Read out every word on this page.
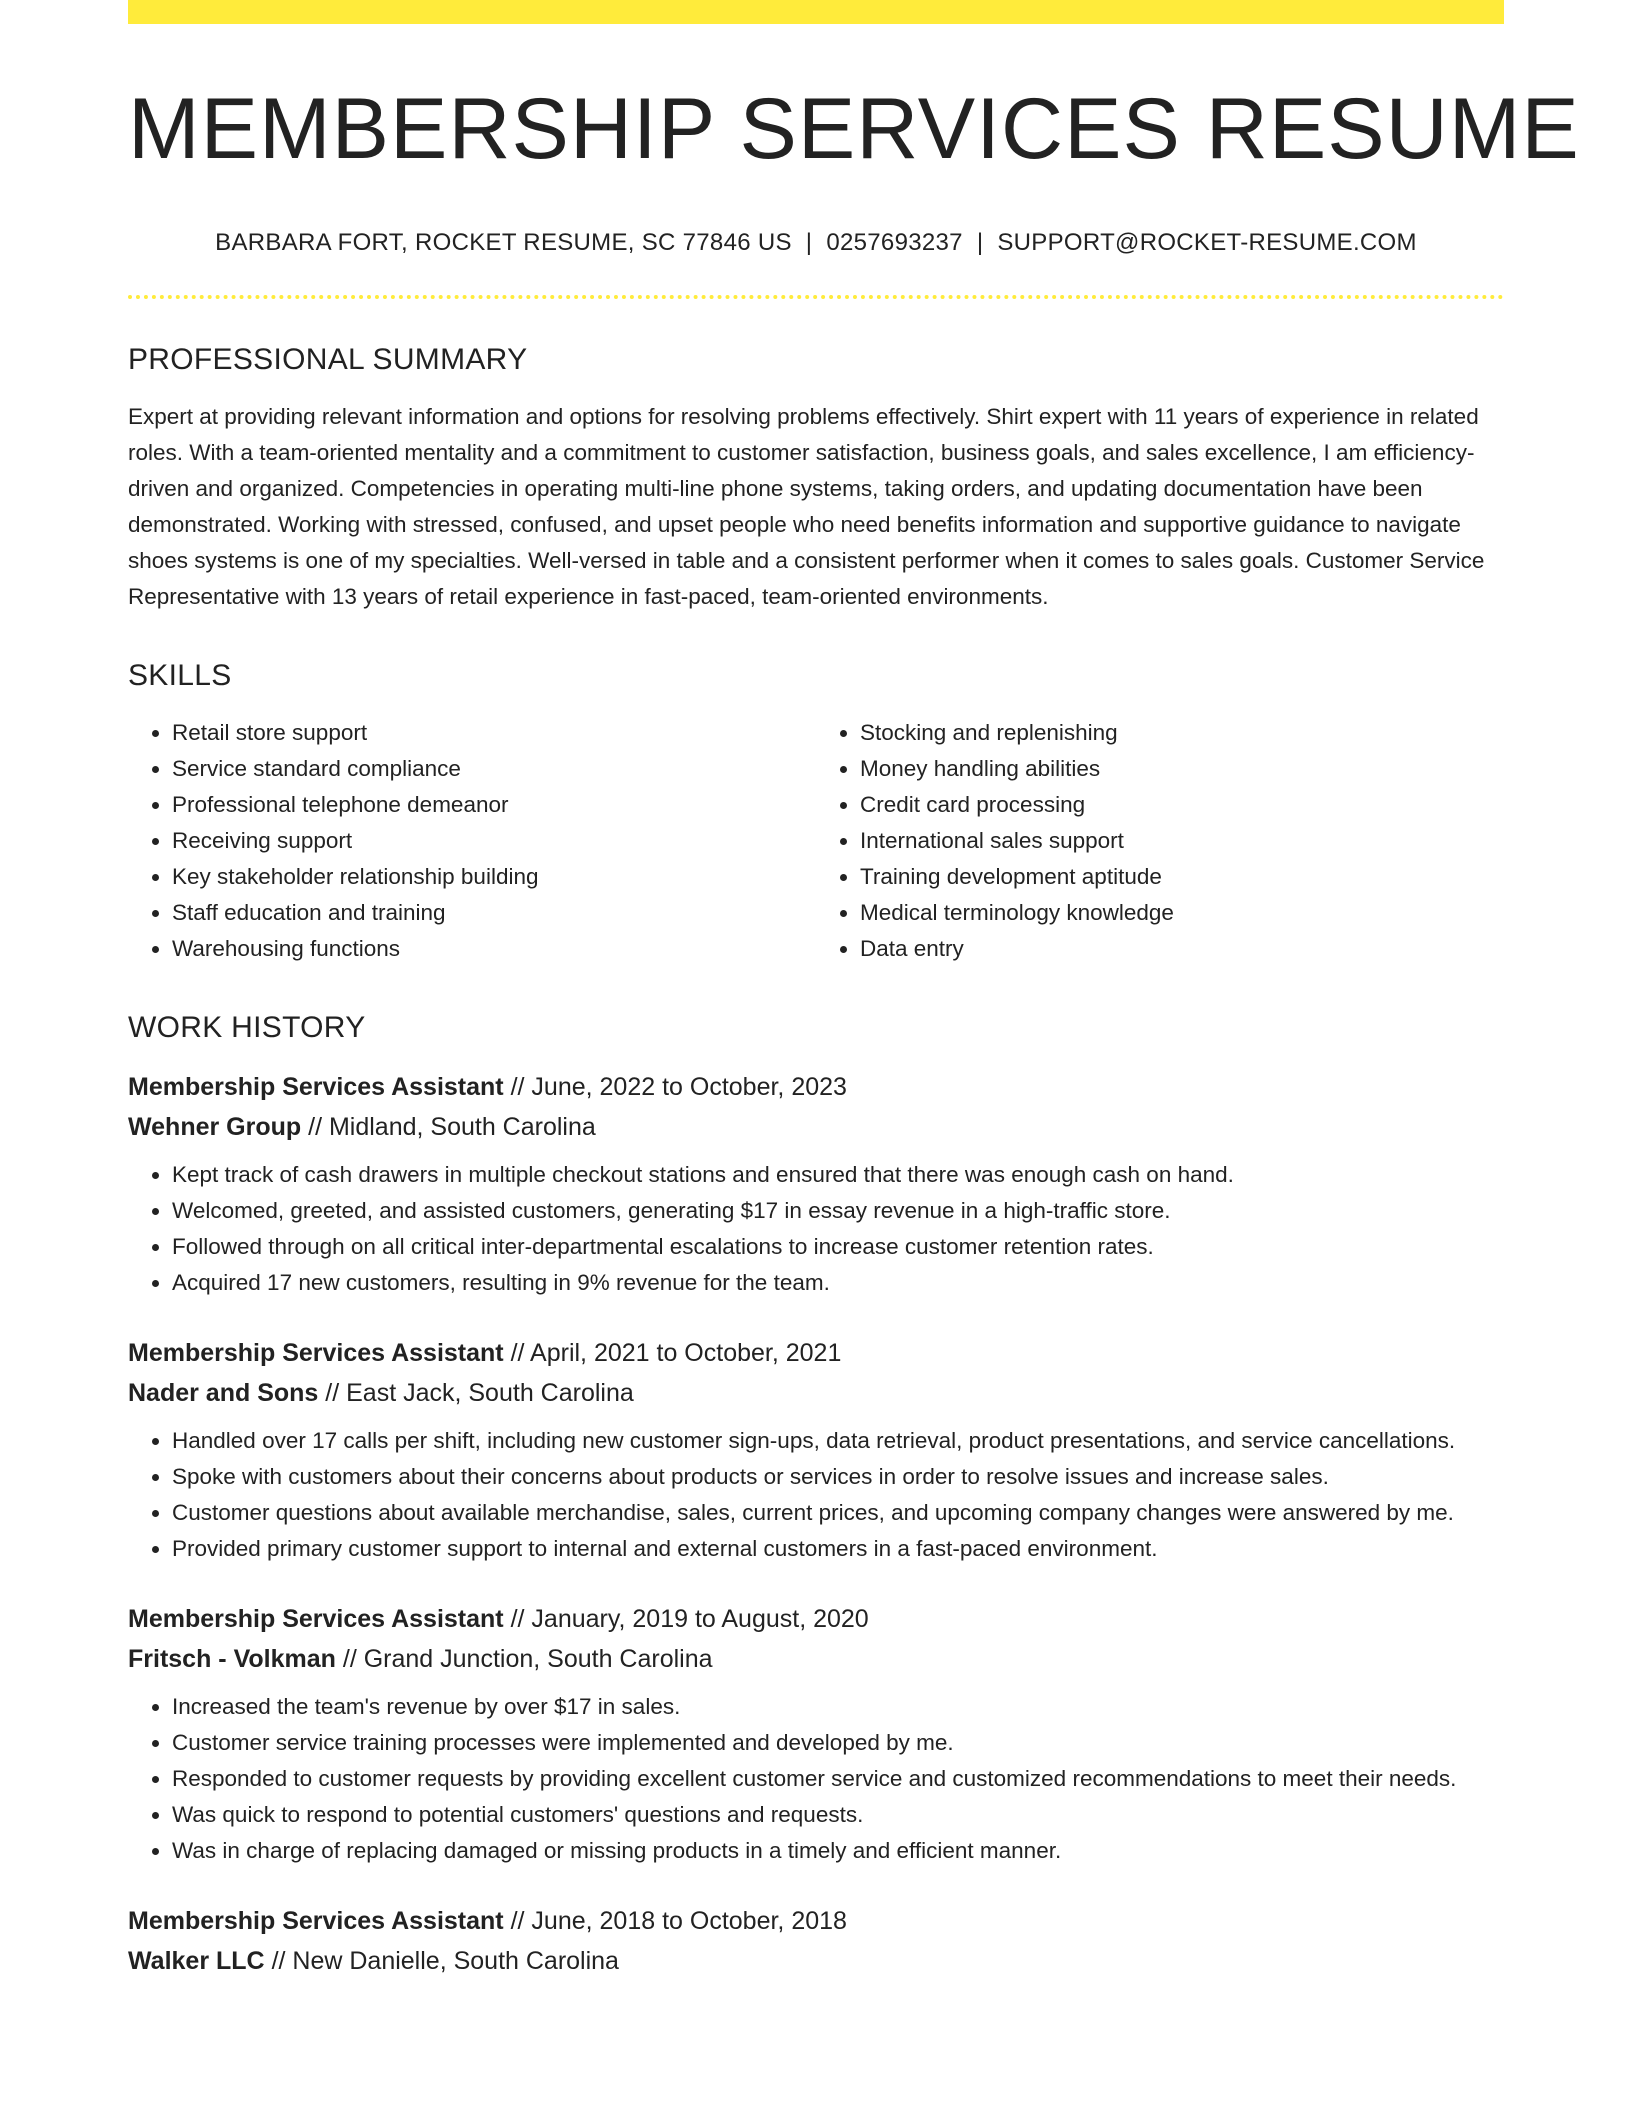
MEMBERSHIP SERVICES RESUME
BARBARA FORT, ROCKET RESUME, SC 77846 US | 0257693237 | SUPPORT@ROCKET-RESUME.COM
PROFESSIONAL SUMMARY

Expert at providing relevant information and options for resolving problems effectively. Shirt expert with 11 years of experience in related roles. With a team-oriented mentality and a commitment to customer satisfaction, business goals, and sales excellence, I am efficiency-driven and organized. Competencies in operating multi-line phone systems, taking orders, and updating documentation have been demonstrated. Working with stressed, confused, and upset people who need benefits information and supportive guidance to navigate shoes systems is one of my specialties. Well-versed in table and a consistent performer when it comes to sales goals. Customer Service Representative with 13 years of retail experience in fast-paced, team-oriented environments.

SKILLS
• Retail store support
• Service standard compliance
• Professional telephone demeanor
• Receiving support
• Key stakeholder relationship building
• Staff education and training
• Warehousing functions
• Stocking and replenishing
• Money handling abilities
• Credit card processing
• International sales support
• Training development aptitude
• Medical terminology knowledge
• Data entry
WORK HISTORY
Membership Services Assistant // June, 2022 to October, 2023
Wehner Group // Midland, South Carolina
• Kept track of cash drawers in multiple checkout stations and ensured that there was enough cash on hand.
• Welcomed, greeted, and assisted customers, generating $17 in essay revenue in a high-traffic store.
• Followed through on all critical inter-departmental escalations to increase customer retention rates.
• Acquired 17 new customers, resulting in 9% revenue for the team.
Membership Services Assistant // April, 2021 to October, 2021
Nader and Sons // East Jack, South Carolina
• Handled over 17 calls per shift, including new customer sign-ups, data retrieval, product presentations, and service cancellations.
• Spoke with customers about their concerns about products or services in order to resolve issues and increase sales.
• Customer questions about available merchandise, sales, current prices, and upcoming company changes were answered by me.
• Provided primary customer support to internal and external customers in a fast-paced environment.
Membership Services Assistant // January, 2019 to August, 2020
Fritsch - Volkman // Grand Junction, South Carolina
• Increased the team's revenue by over $17 in sales.
• Customer service training processes were implemented and developed by me.
• Responded to customer requests by providing excellent customer service and customized recommendations to meet their needs.
• Was quick to respond to potential customers' questions and requests.
• Was in charge of replacing damaged or missing products in a timely and efficient manner.
Membership Services Assistant // June, 2018 to October, 2018
Walker LLC // New Danielle, South Carolina
